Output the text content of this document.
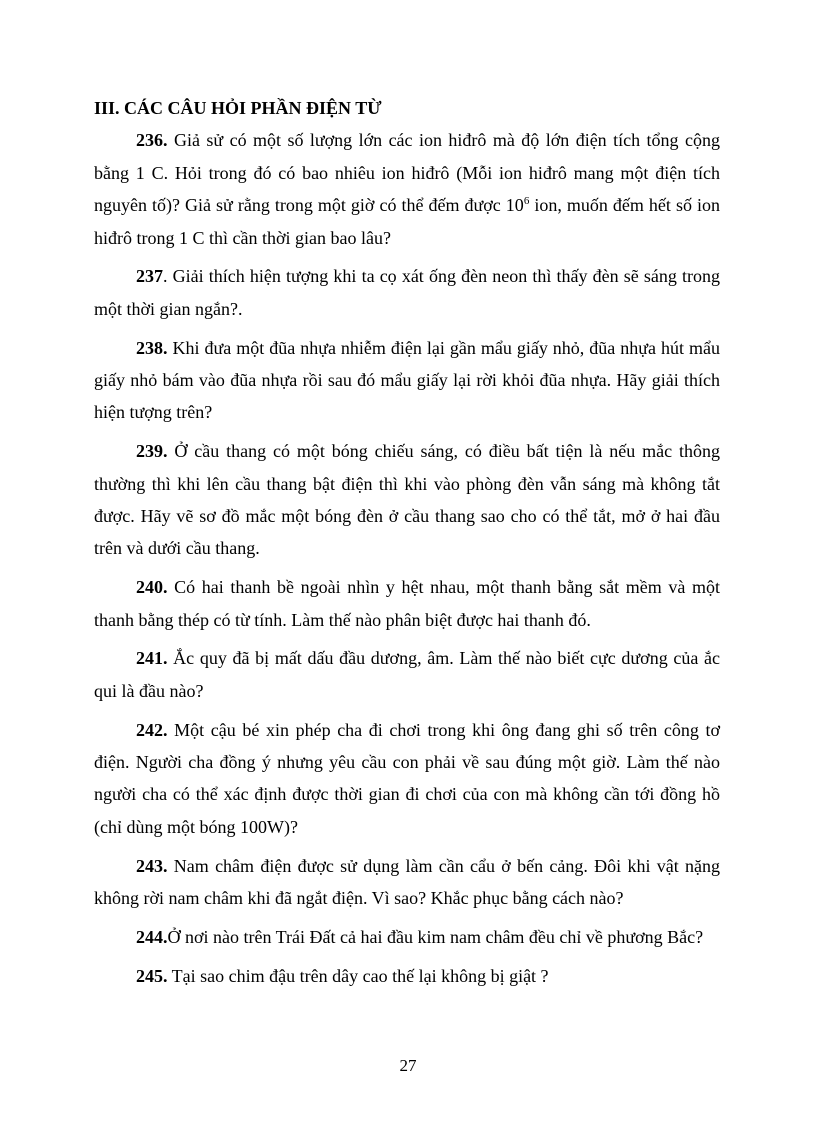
III. CÁC CÂU HỎI PHẦN ĐIỆN TỪ

236. Giả sử có một số lượng lớn các ion hiđrô mà độ lớn điện tích tổng cộng bằng 1 C. Hỏi trong đó có bao nhiêu ion hiđrô (Mỗi ion hiđrô mang một điện tích nguyên tố)? Giả sử rằng trong một giờ có thể đếm được $10^6$ ion, muốn đếm hết số ion hiđrô trong 1 C thì cần thời gian bao lâu?

237. Giải thích hiện tượng khi ta cọ xát ống đèn neon thì thấy đèn sẽ sáng trong một thời gian ngắn?.

238. Khi đưa một đũa nhựa nhiễm điện lại gần mẩu giấy nhỏ, đũa nhựa hút mẩu giấy nhỏ bám vào đũa nhựa rồi sau đó mẩu giấy lại rời khỏi đũa nhựa. Hãy giải thích hiện tượng trên?

239. Ở cầu thang có một bóng chiếu sáng, có điều bất tiện là nếu mắc thông thường thì khi lên cầu thang bật điện thì khi vào phòng đèn vẫn sáng mà không tắt được. Hãy vẽ sơ đồ mắc một bóng đèn ở cầu thang sao cho có thể tắt, mở ở hai đầu trên và dưới cầu thang.

240. Có hai thanh bề ngoài nhìn y hệt nhau, một thanh bằng sắt mềm và một thanh bằng thép có từ tính. Làm thế nào phân biệt được hai thanh đó.

241. Ắc quy đã bị mất dấu đầu dương, âm. Làm thế nào biết cực dương của ắc qui là đầu nào?

242. Một cậu bé xin phép cha đi chơi trong khi ông đang ghi số trên công tơ điện. Người cha đồng ý nhưng yêu cầu con phải về sau đúng một giờ. Làm thế nào người cha có thể xác định được thời gian đi chơi của con mà không cần tới đồng hồ (chỉ dùng một bóng 100W)?

243. Nam châm điện được sử dụng làm cần cẩu ở bến cảng. Đôi khi vật nặng không rời nam châm khi đã ngắt điện. Vì sao? Khắc phục bằng cách nào?

244.Ở nơi nào trên Trái Đất cả hai đầu kim nam châm đều chỉ về phương Bắc?

245. Tại sao chim đậu trên dây cao thế lại không bị giật ?

27
